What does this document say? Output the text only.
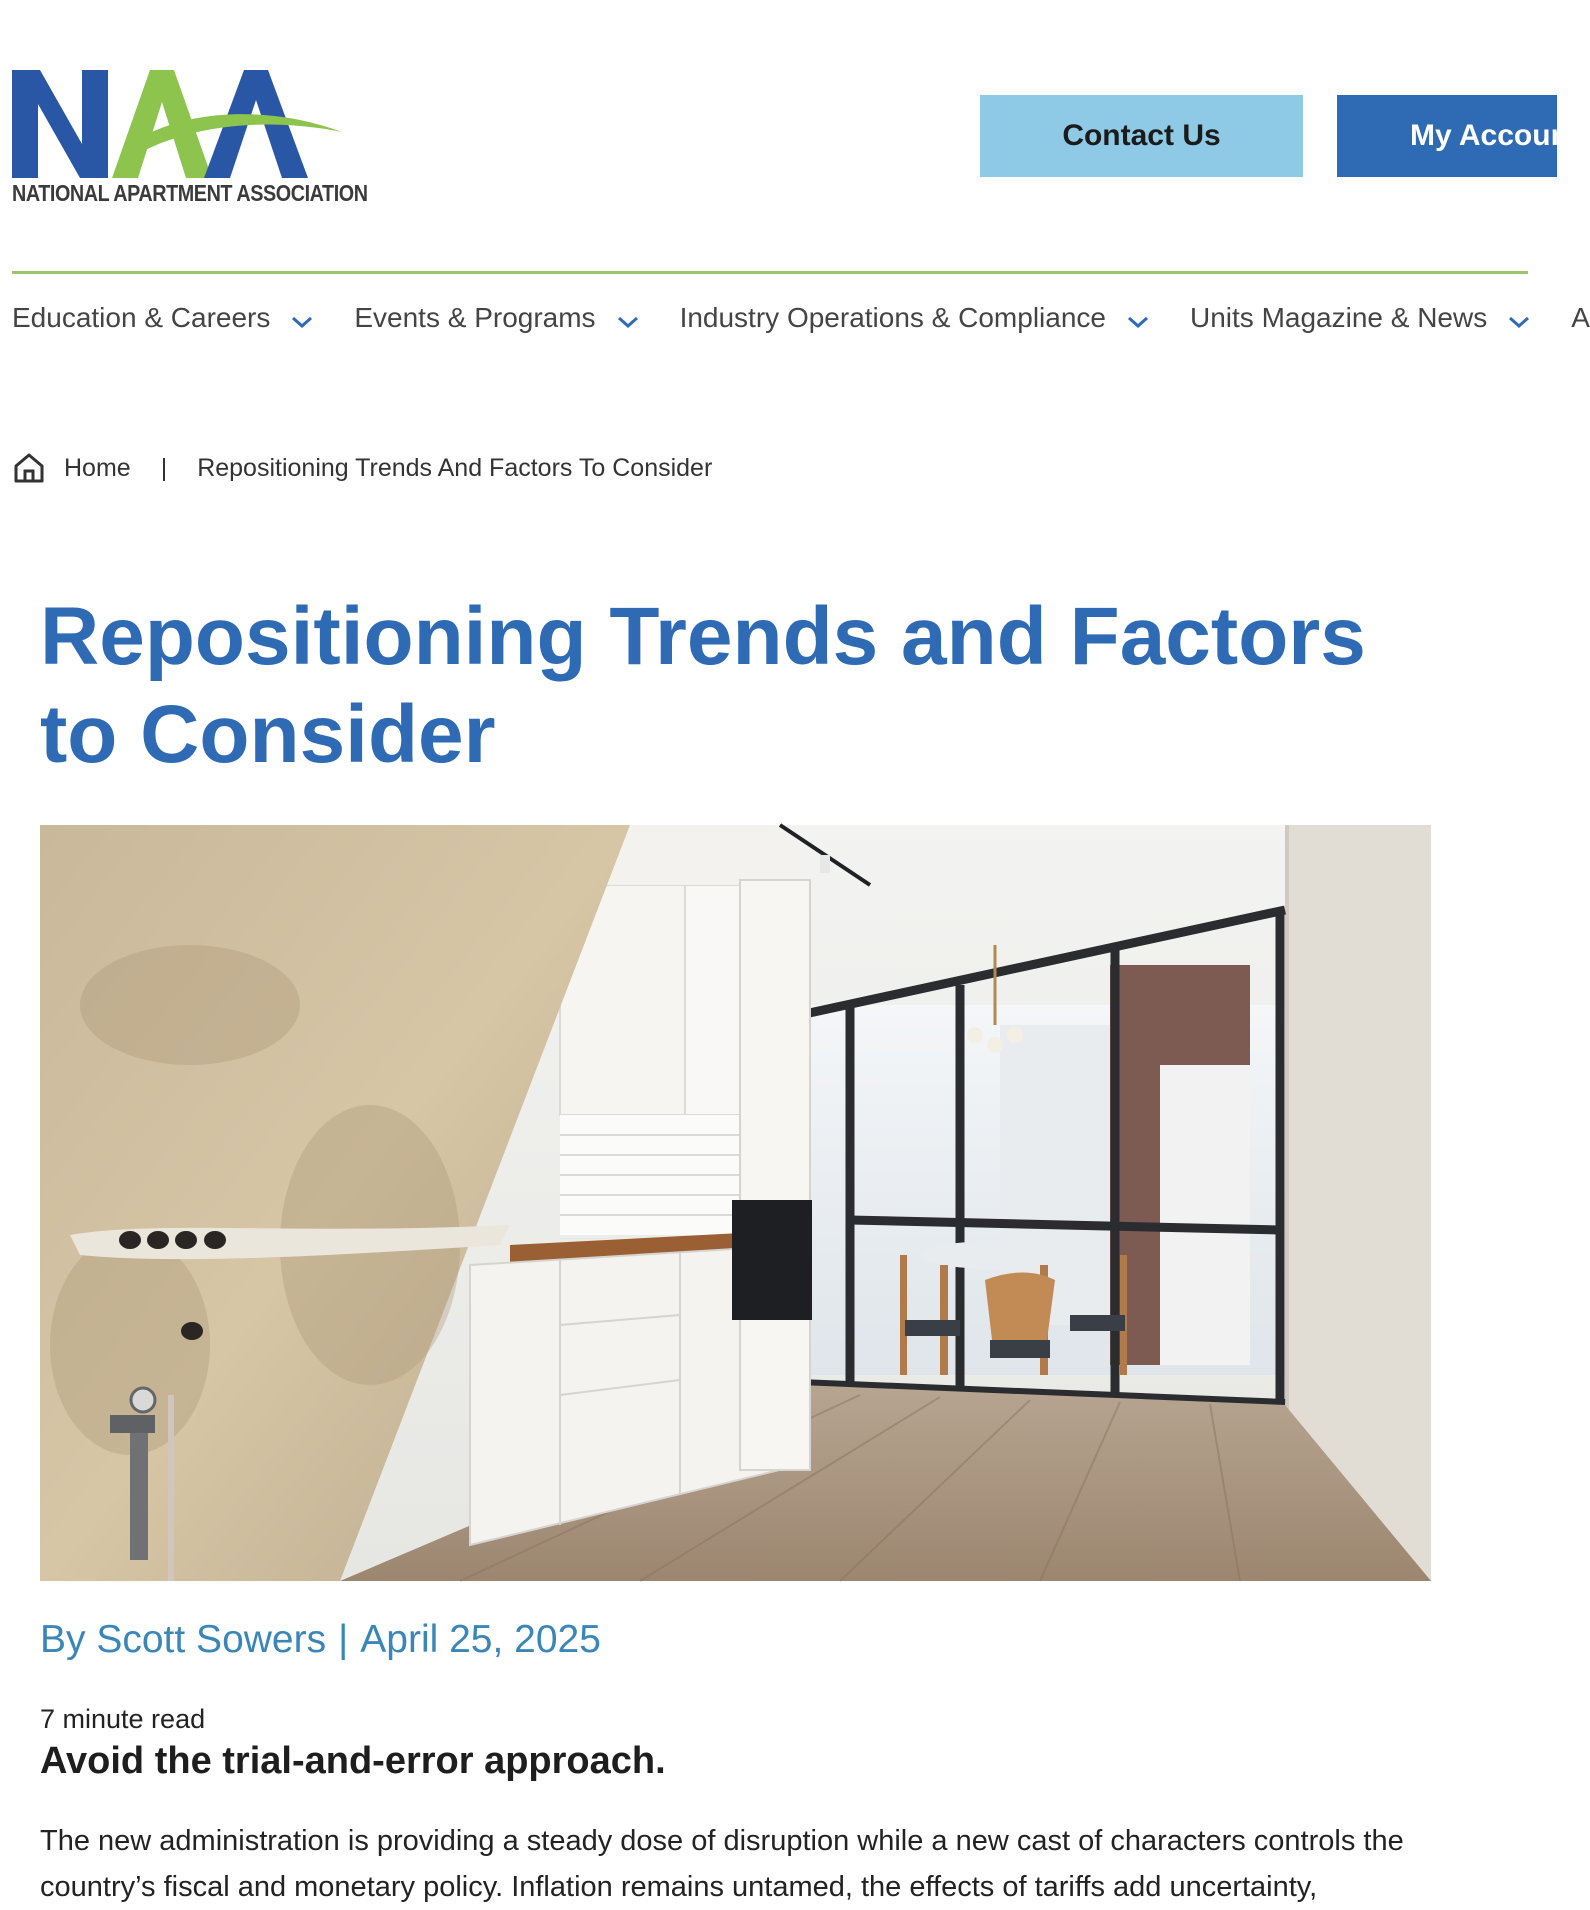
NATIONAL APARTMENT ASSOCIATION
Contact Us	My Account
Education & Careers	Events & Programs	Industry Operations & Compliance	Units Magazine & News	A
Home | Repositioning Trends And Factors To Consider
Repositioning Trends and Factors to Consider
By Scott Sowers | April 25, 2025
7 minute read
Avoid the trial-and-error approach.

The new administration is providing a steady dose of disruption while a new cast of characters controls the country’s fiscal and monetary policy. Inflation remains untamed, the effects of tariffs add uncertainty,
